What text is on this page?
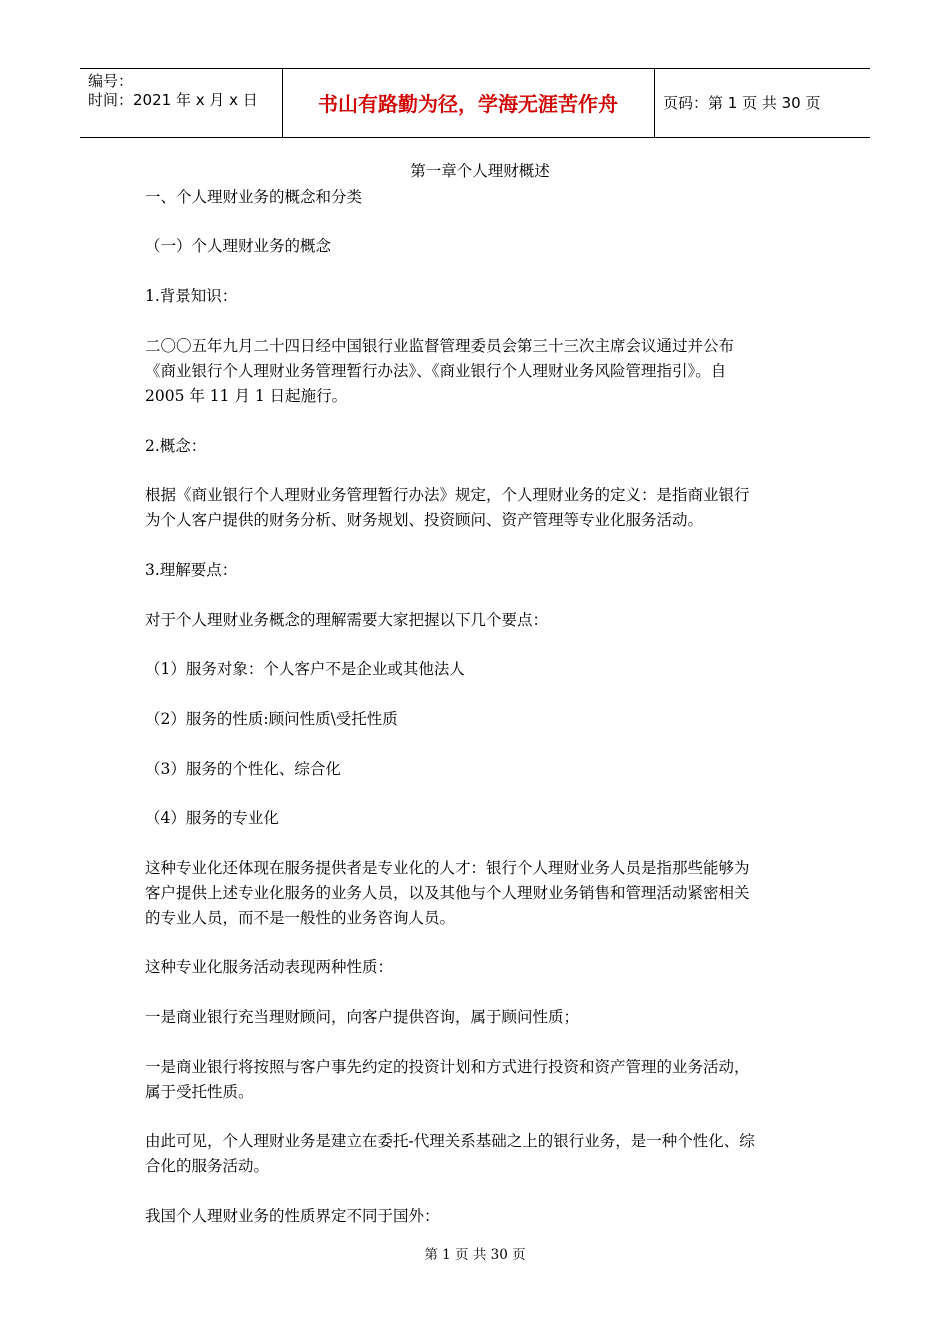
编号：
时间：2021 年 x 月 x 日	书山有路勤为径，学海无涯苦作舟	页码：第 1 页 共 30 页
第一章个人理财概述
一、个人理财业务的概念和分类
（一）个人理财业务的概念
1.背景知识：
二〇〇五年九月二十四日经中国银行业监督管理委员会第三十三次主席会议通过并公布
《商业银行个人理财业务管理暂行办法》、《商业银行个人理财业务风险管理指引》。自
2005 年 11 月 1 日起施行。
2.概念：
根据《商业银行个人理财业务管理暂行办法》规定，个人理财业务的定义：是指商业银行
为个人客户提供的财务分析、财务规划、投资顾问、资产管理等专业化服务活动。
3.理解要点：
对于个人理财业务概念的理解需要大家把握以下几个要点：
（1）服务对象：个人客户不是企业或其他法人
（2）服务的性质:顾问性质\受托性质
（3）服务的个性化、综合化
（4）服务的专业化
这种专业化还体现在服务提供者是专业化的人才：银行个人理财业务人员是指那些能够为
客户提供上述专业化服务的业务人员，以及其他与个人理财业务销售和管理活动紧密相关
的专业人员，而不是一般性的业务咨询人员。
这种专业化服务活动表现两种性质：
一是商业银行充当理财顾问，向客户提供咨询，属于顾问性质；
一是商业银行将按照与客户事先约定的投资计划和方式进行投资和资产管理的业务活动，
属于受托性质。
由此可见，个人理财业务是建立在委托-代理关系基础之上的银行业务，是一种个性化、综
合化的服务活动。
我国个人理财业务的性质界定不同于国外：
第 1 页 共 30 页
